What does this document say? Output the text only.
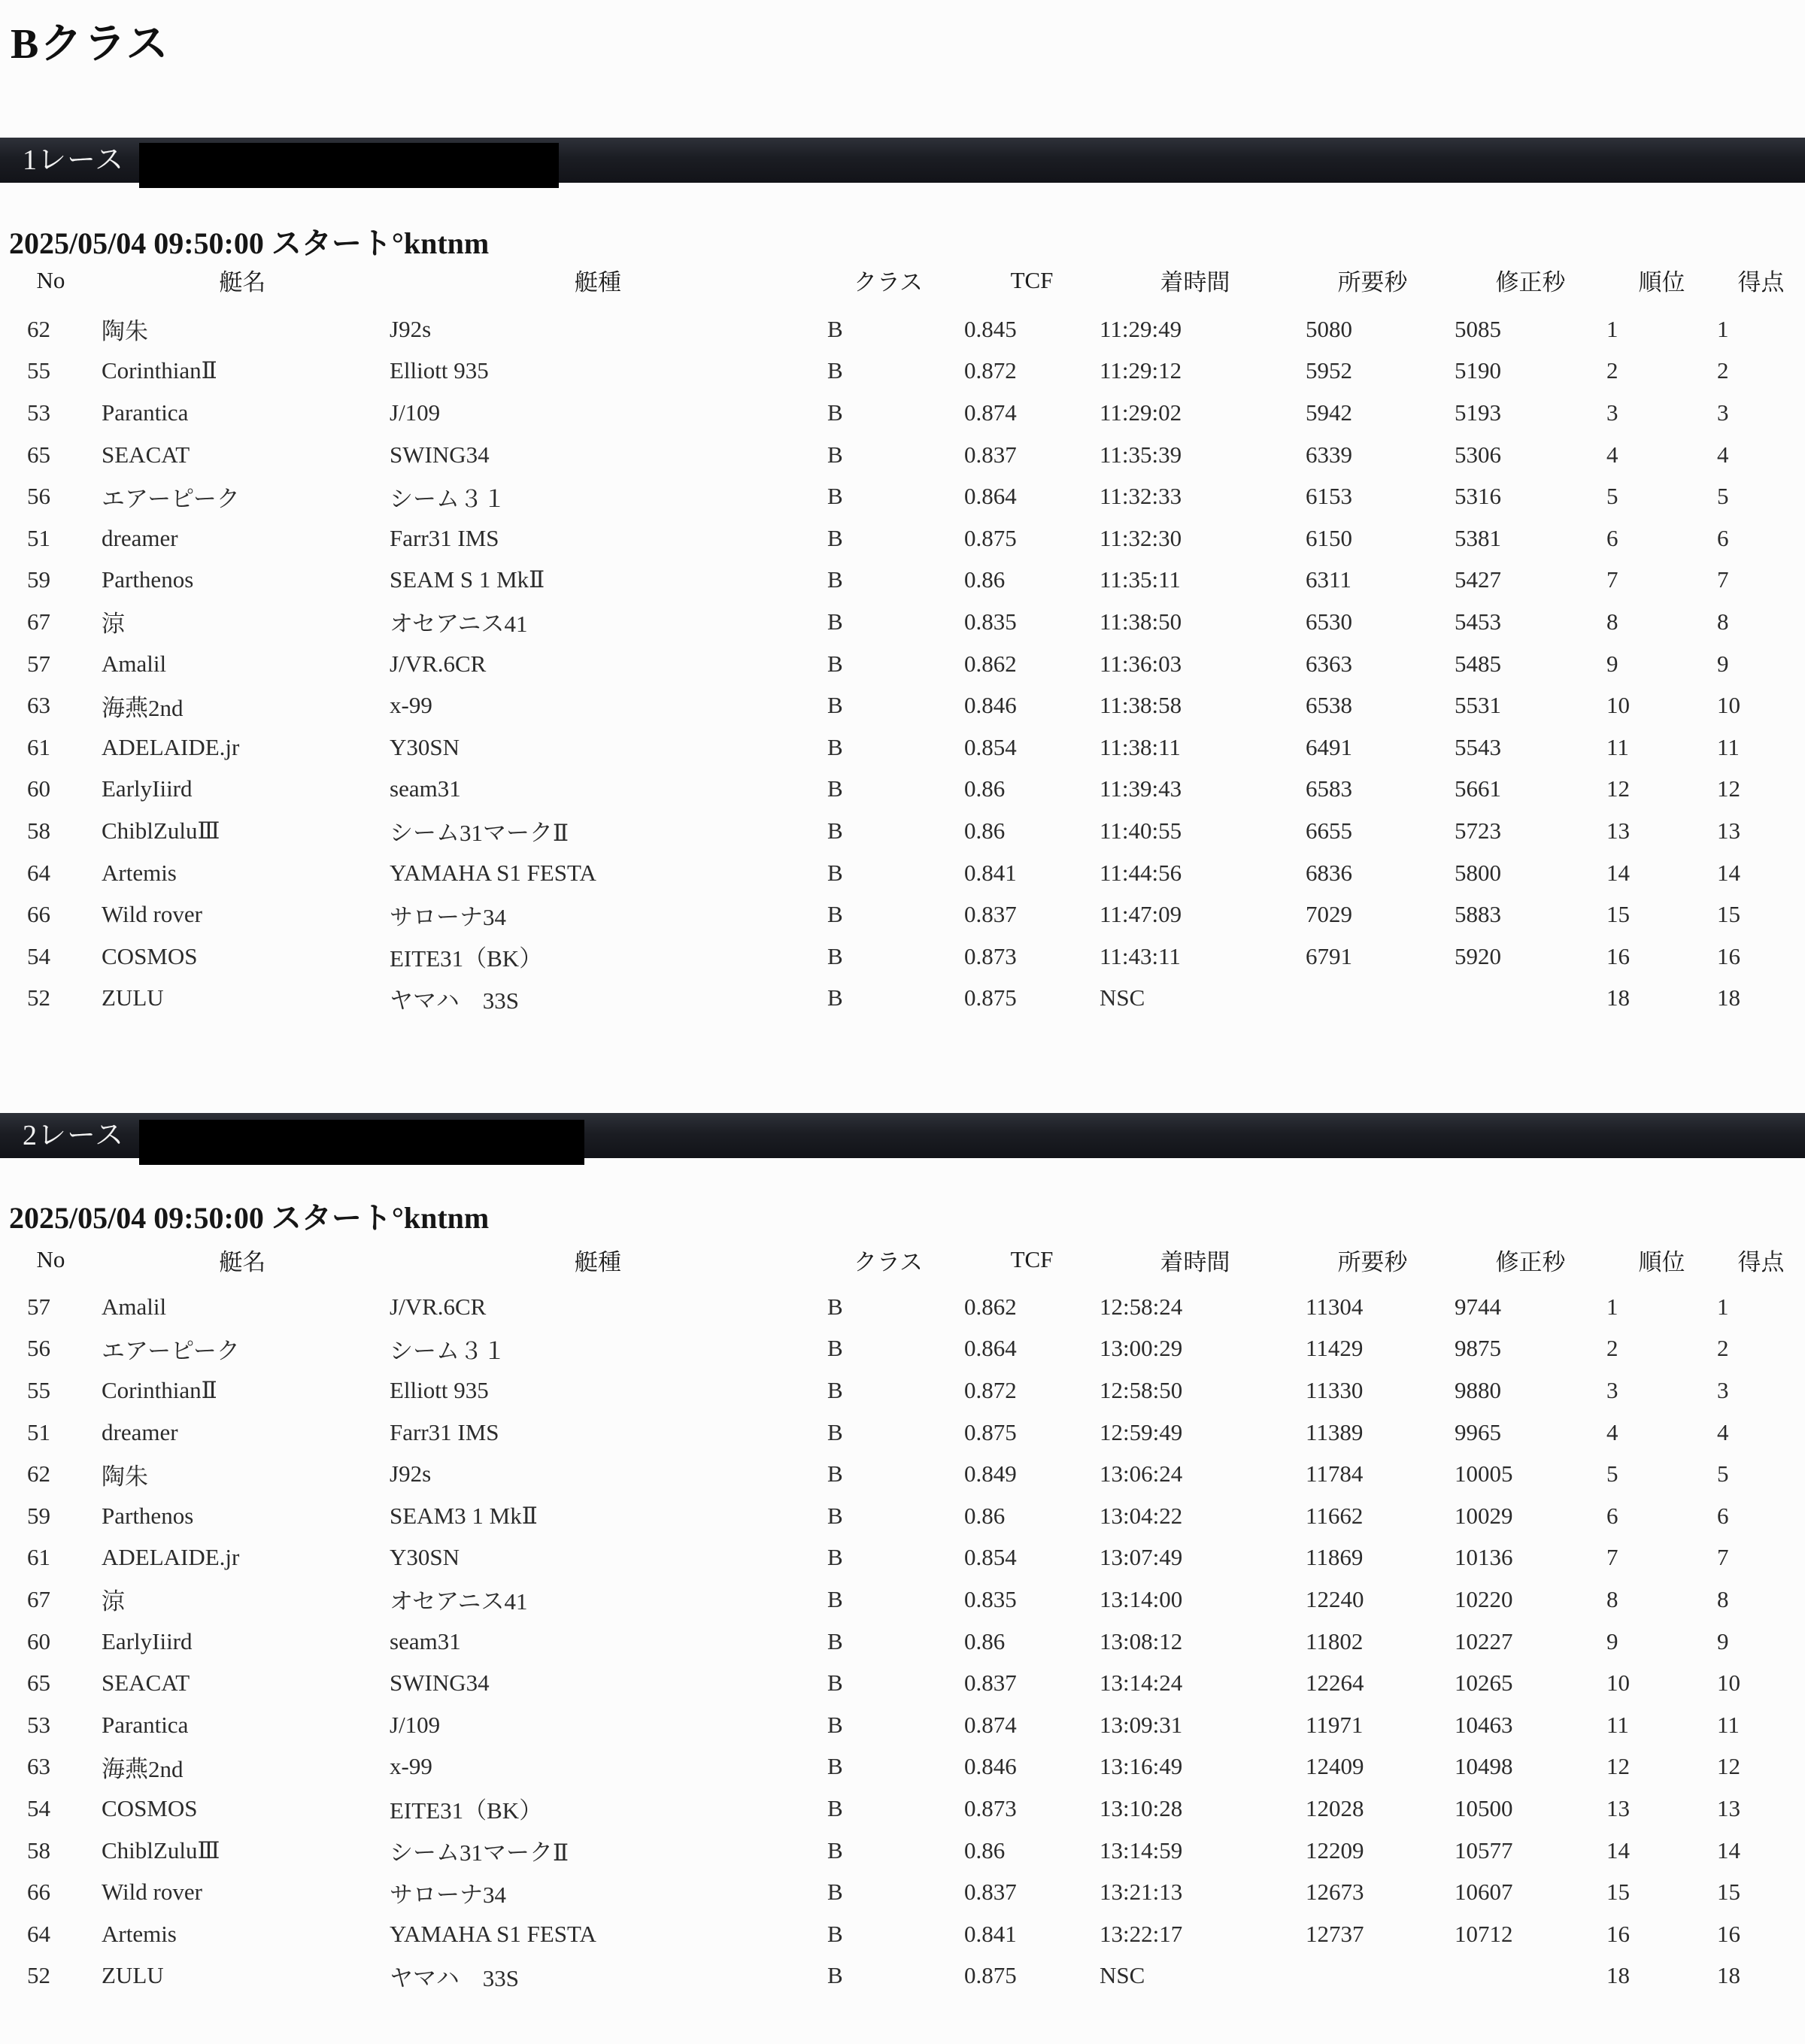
Bクラス
1レース
2025/05/04 09:50:00 スタート°kntnm
No	艇名	艇種	クラス	TCF	着時間	所要秒	修正秒	順位	得点
62	陶朱	J92s	B	0.845	11:29:49	5080	5085	1	1
55	CorinthianⅡ	Elliott 935	B	0.872	11:29:12	5952	5190	2	2
53	Parantica	J/109	B	0.874	11:29:02	5942	5193	3	3
65	SEACAT	SWING34	B	0.837	11:35:39	6339	5306	4	4
56	エアーピーク	シーム３１	B	0.864	11:32:33	6153	5316	5	5
51	dreamer	Farr31 IMS	B	0.875	11:32:30	6150	5381	6	6
59	Parthenos	SEAM S 1 MkⅡ	B	0.86	11:35:11	6311	5427	7	7
67	涼	オセアニス41	B	0.835	11:38:50	6530	5453	8	8
57	Amalil	J/VR.6CR	B	0.862	11:36:03	6363	5485	9	9
63	海燕2nd	x-99	B	0.846	11:38:58	6538	5531	10	10
61	ADELAIDE.jr	Y30SN	B	0.854	11:38:11	6491	5543	11	11
60	EarlyIiird	seam31	B	0.86	11:39:43	6583	5661	12	12
58	ChiblZuluⅢ	シーム31マークⅡ	B	0.86	11:40:55	6655	5723	13	13
64	Artemis	YAMAHA S1 FESTA	B	0.841	11:44:56	6836	5800	14	14
66	Wild rover	サローナ34	B	0.837	11:47:09	7029	5883	15	15
54	COSMOS	EITE31（BK）	B	0.873	11:43:11	6791	5920	16	16
52	ZULU	ヤマハ　33S	B	0.875	NSC			18	18
2レース
2025/05/04 09:50:00 スタート°kntnm
No	艇名	艇種	クラス	TCF	着時間	所要秒	修正秒	順位	得点
57	Amalil	J/VR.6CR	B	0.862	12:58:24	11304	9744	1	1
56	エアーピーク	シーム３１	B	0.864	13:00:29	11429	9875	2	2
55	CorinthianⅡ	Elliott 935	B	0.872	12:58:50	11330	9880	3	3
51	dreamer	Farr31 IMS	B	0.875	12:59:49	11389	9965	4	4
62	陶朱	J92s	B	0.849	13:06:24	11784	10005	5	5
59	Parthenos	SEAM3 1 MkⅡ	B	0.86	13:04:22	11662	10029	6	6
61	ADELAIDE.jr	Y30SN	B	0.854	13:07:49	11869	10136	7	7
67	涼	オセアニス41	B	0.835	13:14:00	12240	10220	8	8
60	EarlyIiird	seam31	B	0.86	13:08:12	11802	10227	9	9
65	SEACAT	SWING34	B	0.837	13:14:24	12264	10265	10	10
53	Parantica	J/109	B	0.874	13:09:31	11971	10463	11	11
63	海燕2nd	x-99	B	0.846	13:16:49	12409	10498	12	12
54	COSMOS	EITE31（BK）	B	0.873	13:10:28	12028	10500	13	13
58	ChiblZuluⅢ	シーム31マークⅡ	B	0.86	13:14:59	12209	10577	14	14
66	Wild rover	サローナ34	B	0.837	13:21:13	12673	10607	15	15
64	Artemis	YAMAHA S1 FESTA	B	0.841	13:22:17	12737	10712	16	16
52	ZULU	ヤマハ　33S	B	0.875	NSC			18	18
